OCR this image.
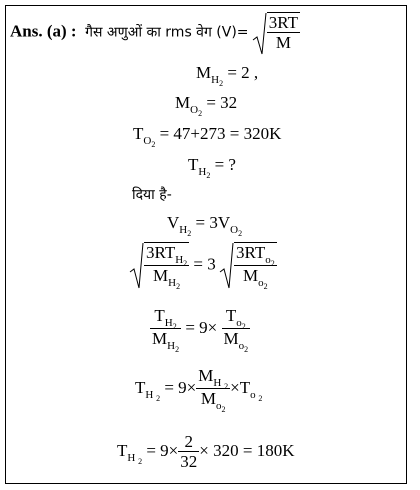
Ans. (a) : गैस अणुओं का rms वेग $(V)= \frac{3RT}{M}$
$M_{H_2} = 2$ ,
$M_{O_2} = 32$
$T_{O_2} = 47+273 = 320K$
$T_{H_2}$ = ?
दिया है-
$V_{H_2} = 3V_{O_2}$
$\frac{3RT_{H_2}}{M_{H_2}} = 3 \frac{3RT_{o_2}}{M_{o_2}}$
$\frac{T_{H_2}}{M_{H_2}} = 9\times \frac{T_{o_2}}{M_{o_2}}$
$T_{H _2} = 9\times \frac{M_{H _2}}{M_{o_2}} \times T_{o _2}$
$T_{H _2} = 9\times \frac{2}{32} \times 320 = 180K$
